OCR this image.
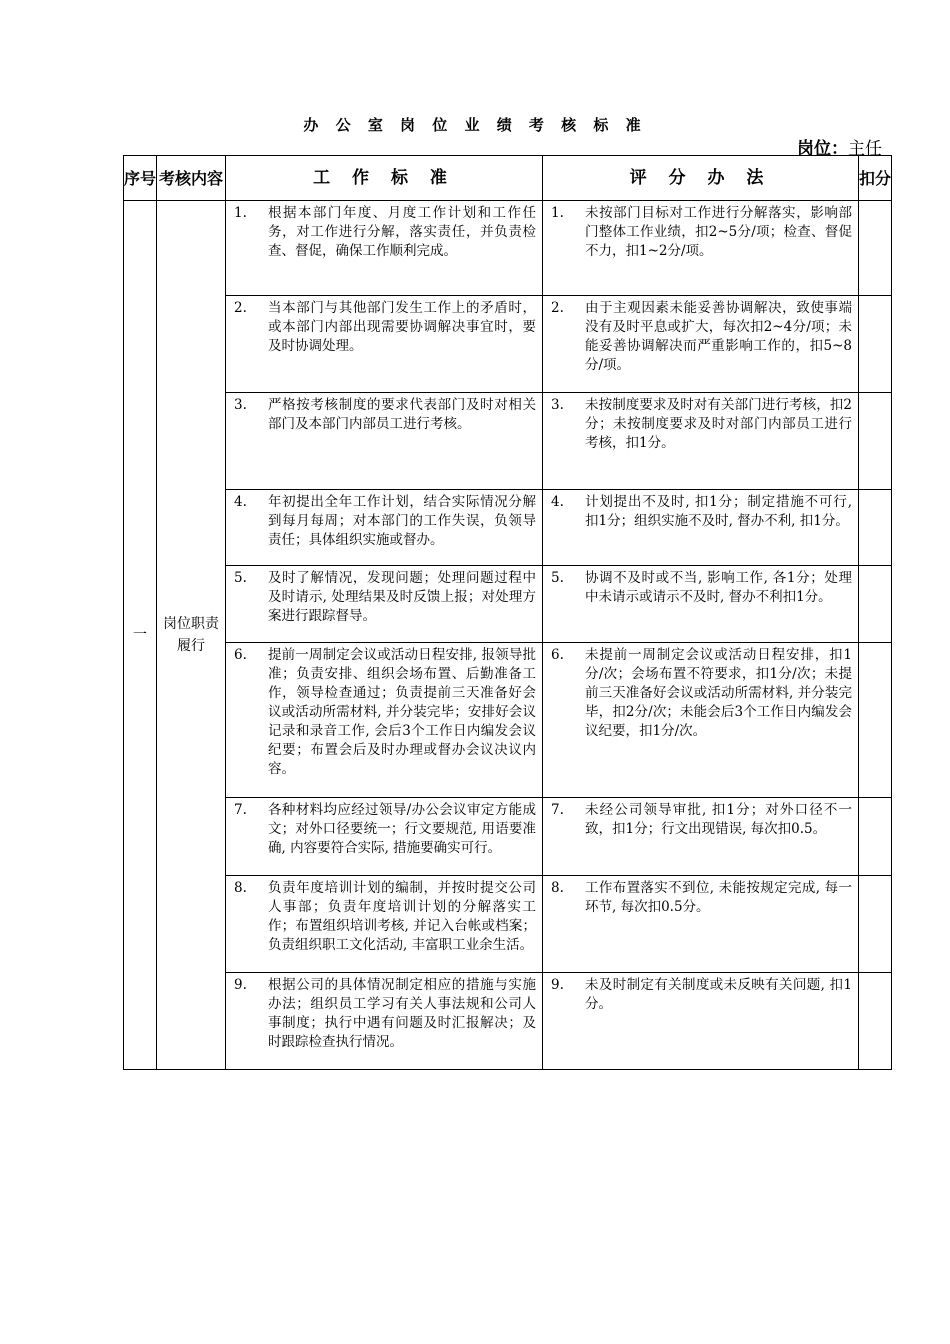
办 公 室 岗 位 业 绩 考 核 标 准
岗位：主任
序号	考核内容	工 作 标 准	评 分 办 法	扣分
一	岗位职责履行	1. 根据本部门年度、月度工作计划和工作任务，对工作进行分解，落实责任，并负责检查、督促，确保工作顺利完成。	1. 未按部门目标对工作进行分解落实，影响部门整体工作业绩，扣2~5分/项；检查、督促不力，扣1~2分/项。	

		2. 当本部门与其他部门发生工作上的矛盾时，或本部门内部出现需要协调解决事宜时，要及时协调处理。	2. 由于主观因素未能妥善协调解决，致使事端没有及时平息或扩大，每次扣2~4分/项；未能妥善协调解决而严重影响工作的，扣5~8分/项。	

		3. 严格按考核制度的要求代表部门及时对相关部门及本部门内部员工进行考核。	3. 未按制度要求及时对有关部门进行考核，扣2分；未按制度要求及时对部门内部员工进行考核，扣1分。	

		4. 年初提出全年工作计划，结合实际情况分解到每月每周；对本部门的工作失误，负领导责任；具体组织实施或督办。	4. 计划提出不及时, 扣1分；制定措施不可行, 扣1分；组织实施不及时, 督办不利, 扣1分。	

		5. 及时了解情况，发现问题；处理问题过程中及时请示, 处理结果及时反馈上报；对处理方案进行跟踪督导。	5. 协调不及时或不当, 影响工作, 各1分；处理中未请示或请示不及时, 督办不利扣1分。	

		6. 提前一周制定会议或活动日程安排, 报领导批准；负责安排、组织会场布置、后勤准备工作，领导检查通过；负责提前三天准备好会议或活动所需材料, 并分装完毕；安排好会议记录和录音工作, 会后3个工作日内编发会议纪要；布置会后及时办理或督办会议决议内容。	6. 未提前一周制定会议或活动日程安排，扣1分/次；会场布置不符要求，扣1分/次；未提前三天准备好会议或活动所需材料, 并分装完毕，扣2分/次；未能会后3个工作日内编发会议纪要，扣1分/次。	

		7. 各种材料均应经过领导/办公会议审定方能成文；对外口径要统一；行文要规范, 用语要准确, 内容要符合实际, 措施要确实可行。	7. 未经公司领导审批, 扣1分；对外口径不一致，扣1分；行文出现错误, 每次扣0.5。	

		8. 负责年度培训计划的编制，并按时提交公司人事部；负责年度培训计划的分解落实工作；布置组织培训考核, 并记入台帐或档案；负责组织职工文化活动, 丰富职工业余生活。	8. 工作布置落实不到位, 未能按规定完成, 每一环节, 每次扣0.5分。	

		9. 根据公司的具体情况制定相应的措施与实施办法；组织员工学习有关人事法规和公司人事制度；执行中遇有问题及时汇报解决；及时跟踪检查执行情况。	9. 未及时制定有关制度或未反映有关问题, 扣1分。	
